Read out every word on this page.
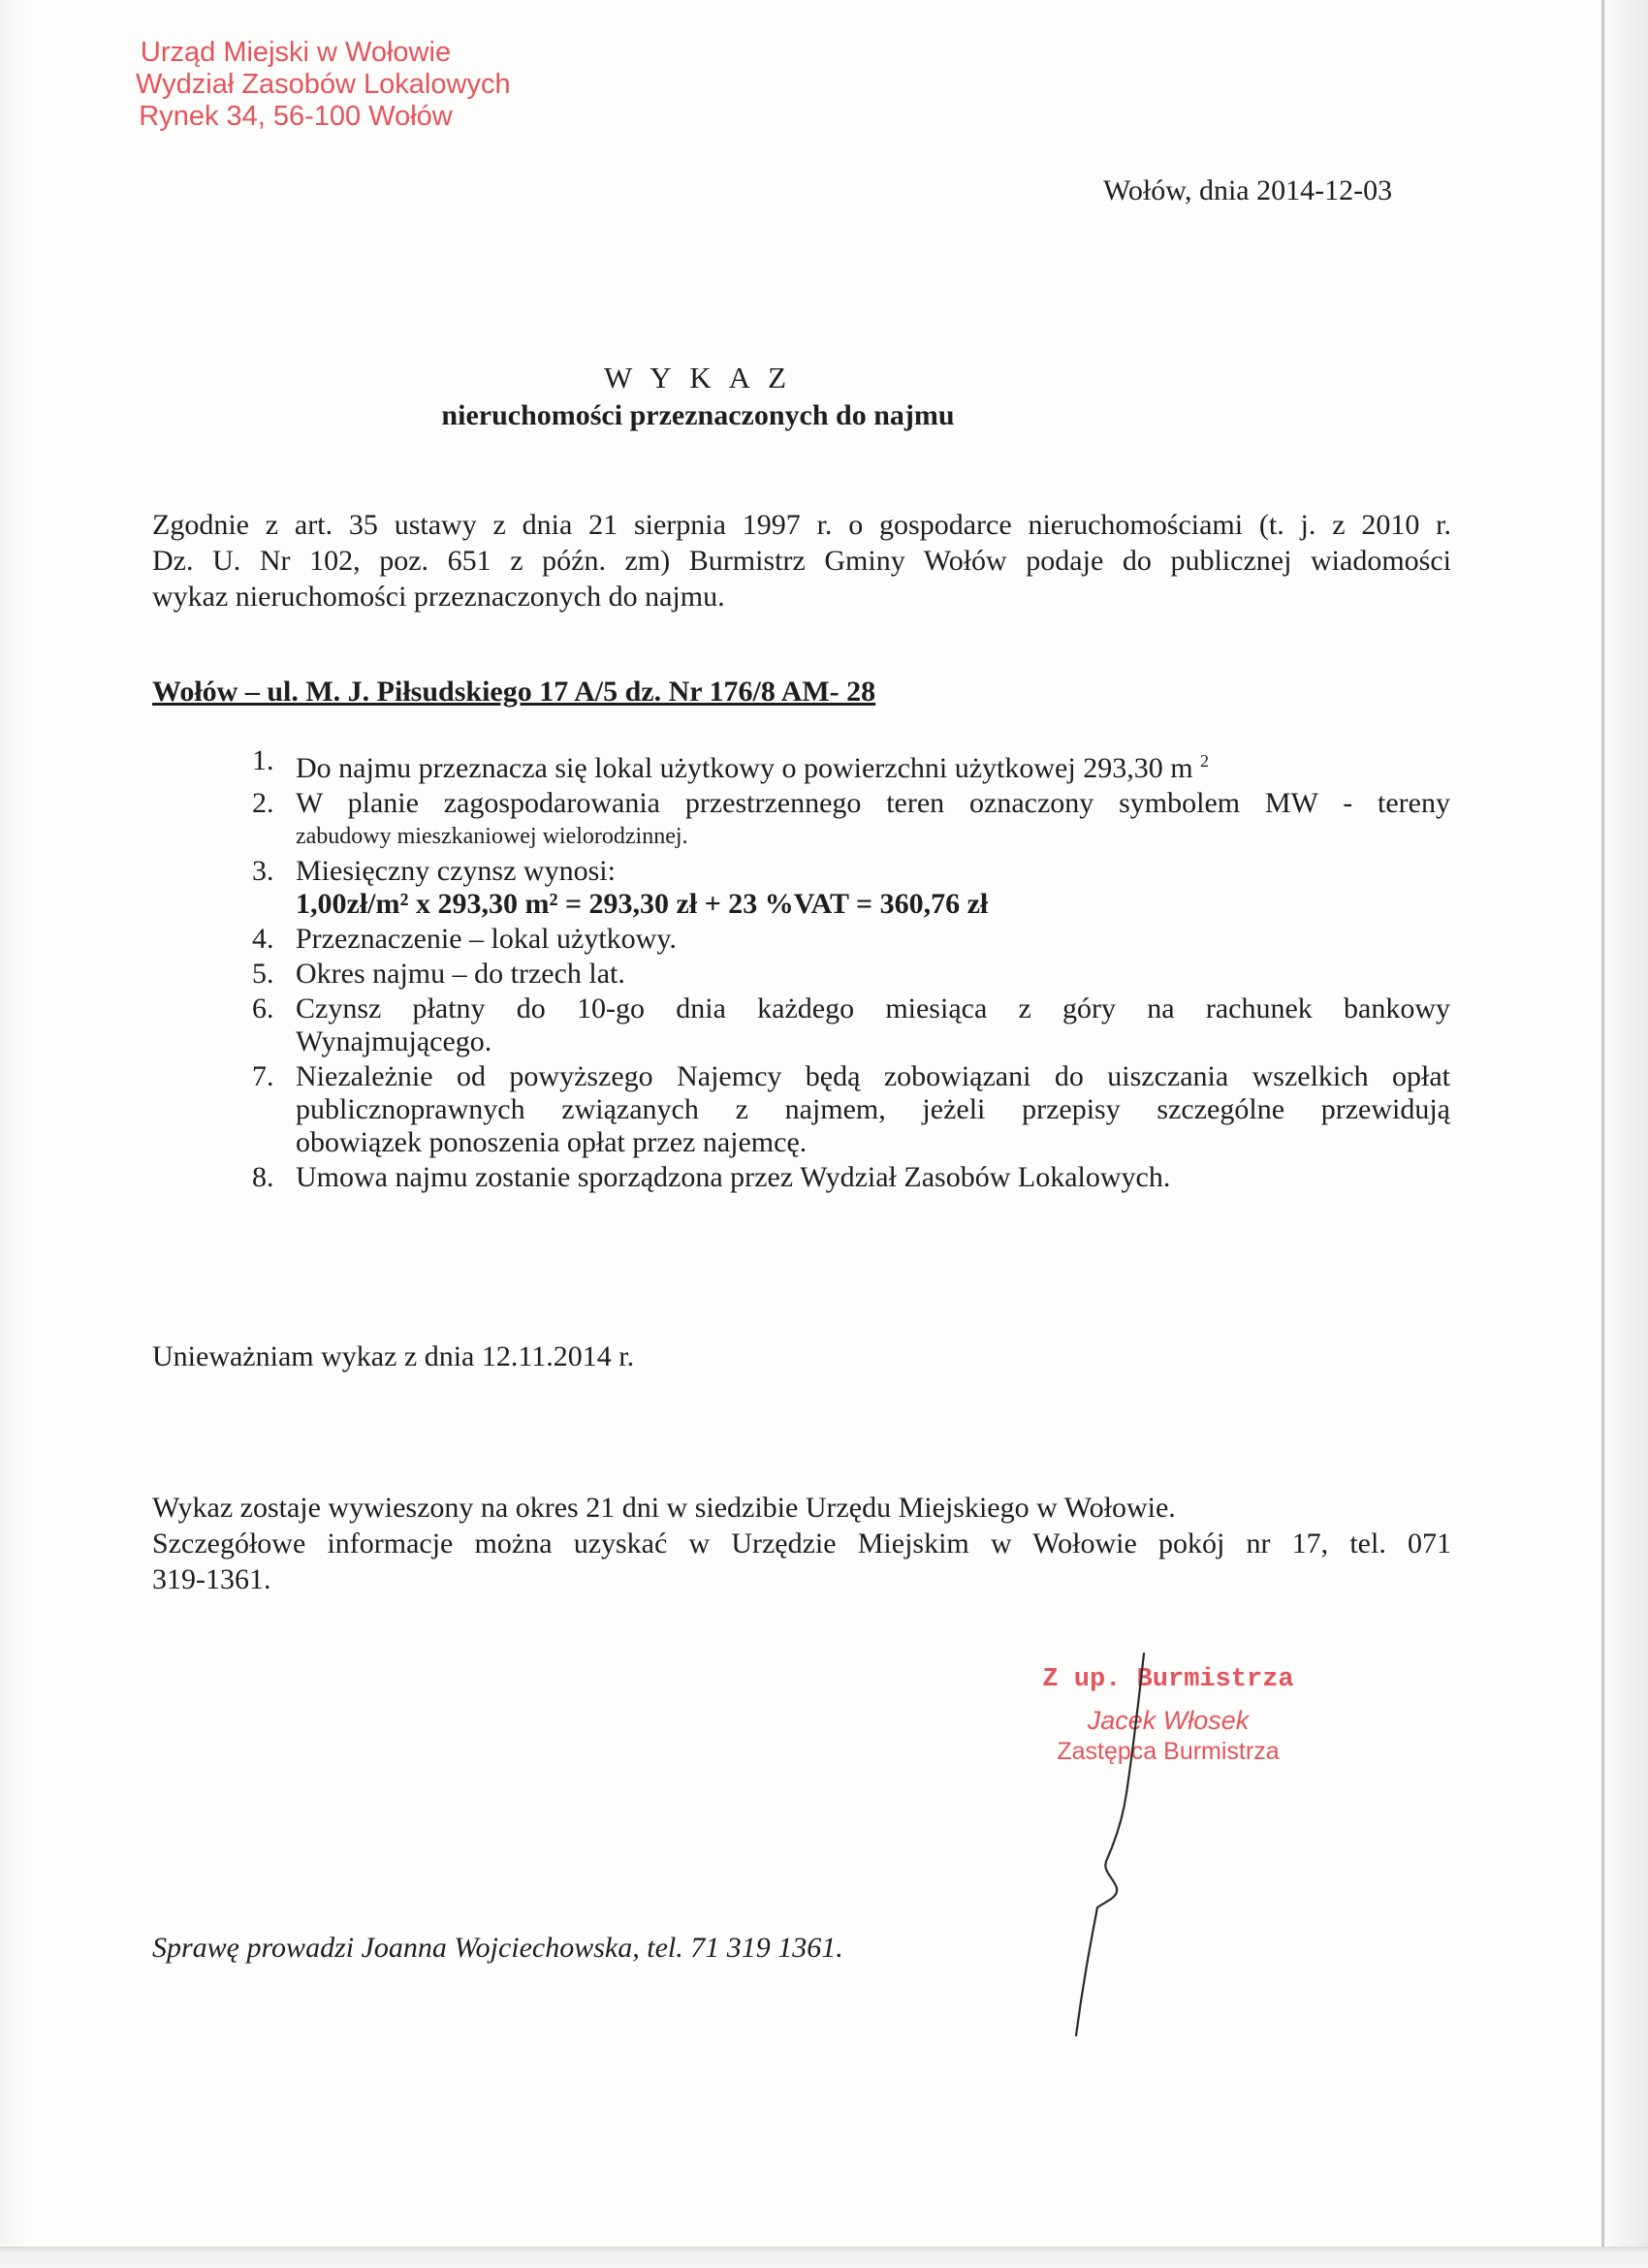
Urząd Miejski w Wołowie
Wydział Zasobów Lokalowych
Rynek 34, 56-100 Wołów
Wołów, dnia 2014-12-03
W Y K A Z
nieruchomości przeznaczonych do najmu
Zgodnie z art. 35 ustawy z dnia 21 sierpnia 1997 r. o gospodarce nieruchomościami (t. j. z 2010 r.
Dz. U. Nr 102, poz. 651 z późn. zm) Burmistrz Gminy Wołów podaje do publicznej wiadomości
wykaz nieruchomości przeznaczonych do najmu.
Wołów – ul. M. J. Piłsudskiego 17 A/5 dz. Nr 176/8 AM- 28
1. Do najmu przeznacza się lokal użytkowy o powierzchni użytkowej 293,30 m $^2$
2. W planie zagospodarowania przestrzennego teren oznaczony symbolem MW - tereny
zabudowy mieszkaniowej wielorodzinnej.
3. Miesięczny czynsz wynosi:
1,00zł/m² x 293,30 m² = 293,30 zł + 23 %VAT = 360,76 zł
4. Przeznaczenie – lokal użytkowy.
5. Okres najmu – do trzech lat.
6. Czynsz płatny do 10-go dnia każdego miesiąca z góry na rachunek bankowy
Wynajmującego.
7. Niezależnie od powyższego Najemcy będą zobowiązani do uiszczania wszelkich opłat
publicznoprawnych związanych z najmem, jeżeli przepisy szczególne przewidują
obowiązek ponoszenia opłat przez najemcę.
8. Umowa najmu zostanie sporządzona przez Wydział Zasobów Lokalowych.
Unieważniam wykaz z dnia 12.11.2014 r.
Wykaz zostaje wywieszony na okres 21 dni w siedzibie Urzędu Miejskiego w Wołowie.
Szczegółowe informacje można uzyskać w Urzędzie Miejskim w Wołowie pokój nr 17, tel. 071
319-1361.
Z up. Burmistrza
Jacek Włosek
Zastępca Burmistrza
Sprawę prowadzi Joanna Wojciechowska, tel. 71 319 1361.
